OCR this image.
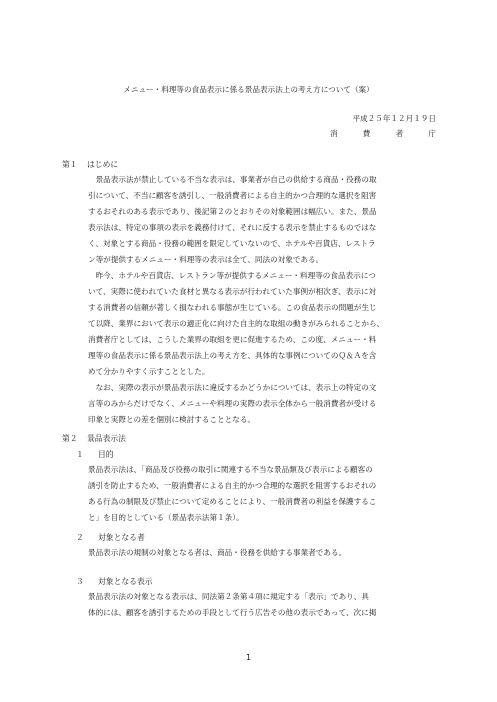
メニュー・料理等の食品表示に係る景品表示法上の考え方について（案）
平成２５年１２月１９日
消	費	者	庁
第１ はじめに
　景品表示法が禁止している不当な表示は、事業者が自己の供給する商品・役務の取
引について、不当に顧客を誘引し、一般消費者による自主的かつ合理的な選択を阻害
するおそれのある表示であり、後記第２のとおりその対象範囲は幅広い。また、景品
表示法は、特定の事項の表示を義務付けて、それに反する表示を禁止するものではな
く、対象とする商品・役務の範囲を限定していないので、ホテルや百貨店、レストラ
ン等が提供するメニュー・料理等の表示は全て、同法の対象である。
　昨今、ホテルや百貨店、レストラン等が提供するメニュー・料理等の食品表示につ
いて、実際に使われていた食材と異なる表示が行われていた事例が相次ぎ、表示に対
する消費者の信頼が著しく損なわれる事態が生じている。この食品表示の問題が生じ
て以降、業界において表示の適正化に向けた自主的な取組の動きがみられることから、
消費者庁としては、こうした業界の取組を更に促進するため、この度、メニュー・料
理等の食品表示に係る景品表示法上の考え方を、具体的な事例についてのＱ＆Ａを含
めて分かりやすく示すこととした。
　なお、実際の表示が景品表示法に違反するかどうかについては、表示上の特定の文
言等のみからだけでなく、メニューや料理の実際の表示全体から一般消費者が受ける
印象と実際との差を個別に検討することとなる。
第２ 景品表示法
１ 目的
景品表示法は、「商品及び役務の取引に関連する不当な景品類及び表示による顧客の
誘引を防止するため、一般消費者による自主的かつ合理的な選択を阻害するおそれの
ある行為の制限及び禁止について定めることにより、一般消費者の利益を保護するこ
と」を目的としている（景品表示法第１条）。
２ 対象となる者
景品表示法の規制の対象となる者は、商品・役務を供給する事業者である。
３ 対象となる表示
景品表示法の対象となる表示は、同法第２条第４項に規定する「表示」であり、具
体的には、顧客を誘引するための手段として行う広告その他の表示であって、次に掲
1
